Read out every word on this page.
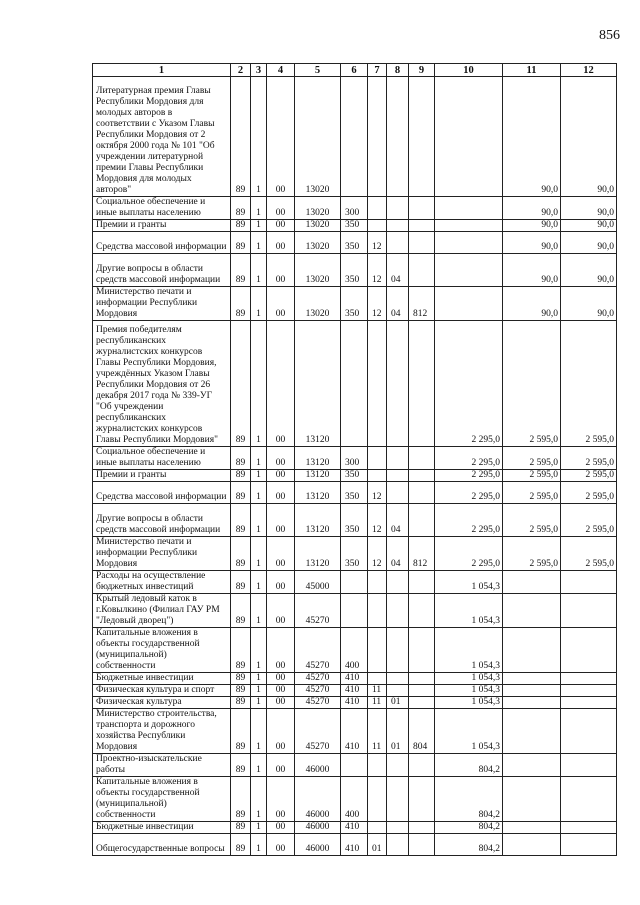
856
1	2	3	4	5	6	7	8	9	10	11	12
Литературная премия Главы Республики Мордовия для молодых авторов в соответствии с Указом Главы Республики Мордовия от 2 октября 2000 года № 101 "Об учреждении литературной премии Главы Республики Мордовия для молодых авторов"	89	1	00	13020						90,0	90,0
Социальное обеспечение и иные выплаты населению	89	1	00	13020	300					90,0	90,0
Премии и гранты	89	1	00	13020	350					90,0	90,0
Средства массовой информации	89	1	00	13020	350	12				90,0	90,0
Другие вопросы в области средств массовой информации	89	1	00	13020	350	12	04			90,0	90,0
Министерство печати и информации Республики Мордовия	89	1	00	13020	350	12	04	812		90,0	90,0
Премия победителям республиканских журналистских конкурсов Главы Республики Мордовия, учреждённых Указом Главы Республики Мордовия от 26 декабря 2017 года № 339-УГ "Об учреждении республиканских журналистских конкурсов Главы Республики Мордовия"	89	1	00	13120					2 295,0	2 595,0	2 595,0
Социальное обеспечение и иные выплаты населению	89	1	00	13120	300				2 295,0	2 595,0	2 595,0
Премии и гранты	89	1	00	13120	350				2 295,0	2 595,0	2 595,0
Средства массовой информации	89	1	00	13120	350	12			2 295,0	2 595,0	2 595,0
Другие вопросы в области средств массовой информации	89	1	00	13120	350	12	04		2 295,0	2 595,0	2 595,0
Министерство печати и информации Республики Мордовия	89	1	00	13120	350	12	04	812	2 295,0	2 595,0	2 595,0
Расходы на осуществление бюджетных инвестиций	89	1	00	45000					1 054,3		
Крытый ледовый каток в г.Ковылкино (Филиал ГАУ РМ "Ледовый дворец")	89	1	00	45270					1 054,3		
Капитальные вложения в объекты государственной (муниципальной) собственности	89	1	00	45270	400				1 054,3		
Бюджетные инвестиции	89	1	00	45270	410				1 054,3		
Физическая культура и спорт	89	1	00	45270	410	11			1 054,3		
Физическая культура	89	1	00	45270	410	11	01		1 054,3		
Министерство строительства, транспорта и дорожного хозяйства Республики Мордовия	89	1	00	45270	410	11	01	804	1 054,3		
Проектно-изыскательские работы	89	1	00	46000					804,2		
Капитальные вложения в объекты государственной (муниципальной) собственности	89	1	00	46000	400				804,2		
Бюджетные инвестиции	89	1	00	46000	410				804,2		
Общегосударственные вопросы	89	1	00	46000	410	01			804,2		
